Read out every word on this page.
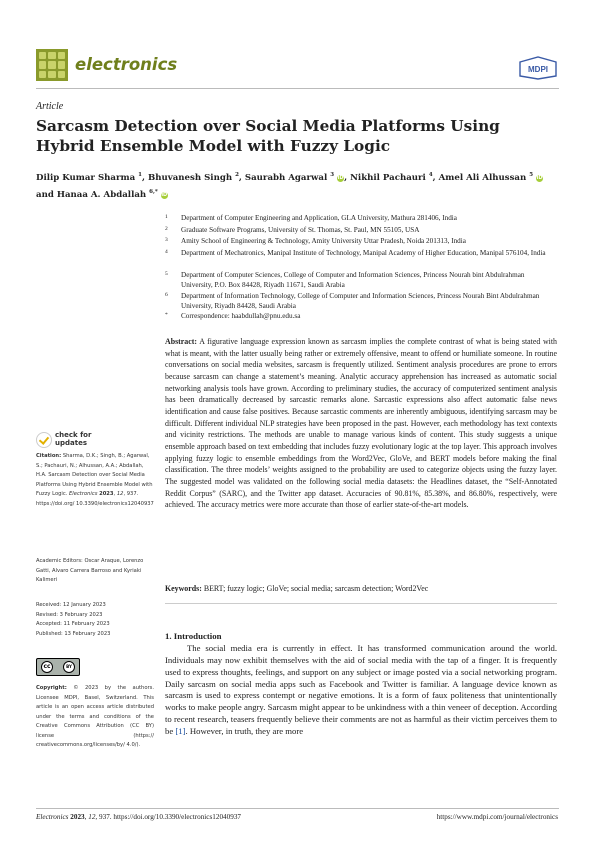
electronics	MDPI
Article
Sarcasm Detection over Social Media Platforms Using Hybrid Ensemble Model with Fuzzy Logic
Dilip Kumar Sharma $^1$, Bhuvanesh Singh $^2$, Saurabh Agarwal $^3$ iD, Nikhil Pachauri $^4$, Amel Ali Alhussan $^5$ iD
and Hanaa A. Abdallah $^{6,*}$ iD
1 Department of Computer Engineering and Application, GLA University, Mathura 281406, India
2 Graduate Software Programs, University of St. Thomas, St. Paul, MN 55105, USA
3 Amity School of Engineering & Technology, Amity University Uttar Pradesh, Noida 201313, India
4 Department of Mechatronics, Manipal Institute of Technology, Manipal Academy of Higher Education, Manipal 576104, India
5 Department of Computer Sciences, College of Computer and Information Sciences, Princess Nourah bint Abdulrahman University, P.O. Box 84428, Riyadh 11671, Saudi Arabia
6 Department of Information Technology, College of Computer and Information Sciences, Princess Nourah Bint Abdulrahman University, Riyadh 84428, Saudi Arabia
* Correspondence: haabdullah@pnu.edu.sa
Abstract: A figurative language expression known as sarcasm implies the complete contrast of what is being stated with what is meant, with the latter usually being rather or extremely offensive, meant to offend or humiliate someone. In routine conversations on social media websites, sarcasm is frequently utilized. Sentiment analysis procedures are prone to errors because sarcasm can change a statement’s meaning. Analytic accuracy apprehension has increased as automatic social networking analysis tools have grown. According to preliminary studies, the accuracy of computerized sentiment analysis has been dramatically decreased by sarcastic remarks alone. Sarcastic expressions also affect automatic false news identification and cause false positives. Because sarcastic comments are inherently ambiguous, identifying sarcasm may be difficult. Different individual NLP strategies have been proposed in the past. However, each methodology has text contexts and vicinity restrictions. The methods are unable to manage various kinds of content. This study suggests a unique ensemble approach based on text embedding that includes fuzzy evolutionary logic at the top layer. This approach involves applying fuzzy logic to ensemble embeddings from the Word2Vec, GloVe, and BERT models before making the final classification. The three models’ weights assigned to the probability are used to categorize objects using the fuzzy layer. The suggested model was validated on the following social media datasets: the Headlines dataset, the “Self-Annotated Reddit Corpus” (SARC), and the Twitter app dataset. Accuracies of 90.81%, 85.38%, and 86.80%, respectively, were achieved. The accuracy metrics were more accurate than those of earlier state-of-the-art models.
Keywords: BERT; fuzzy logic; GloVe; social media; sarcasm detection; Word2Vec
1. Introduction
The social media era is currently in effect. It has transformed communication around the world. Individuals may now exhibit themselves with the aid of social media with the tap of a finger. It is frequently used to express thoughts, feelings, and support on any subject or image posted via a social networking program. Daily sarcasm on social media apps such as Facebook and Twitter is familiar. A language device known as sarcasm is used to express contempt or negative emotions. It is a form of faux politeness that unintentionally works to make people angry. Sarcasm might appear to be unkindness with a thin veneer of deception. According to recent research, teasers frequently believe their comments are not as harmful as their victim perceives them to be [1]. However, in truth, they are more
check for
updates
Citation: Sharma, D.K.; Singh, B.; Agarwal, S.; Pachauri, N.; Alhussan, A.A.; Abdallah, H.A. Sarcasm Detection over Social Media Platforms Using Hybrid Ensemble Model with Fuzzy Logic. Electronics 2023, 12, 937. https://doi.org/ 10.3390/electronics12040937
Academic Editors: Oscar Araque, Lorenzo Gatti, Alvaro Carrera Barroso and Kyriaki Kalimeri
Received: 12 January 2023
Revised: 3 February 2023
Accepted: 11 February 2023
Published: 13 February 2023
cc	BY
Copyright: © 2023 by the authors. Licensee MDPI, Basel, Switzerland. This article is an open access article distributed under the terms and conditions of the Creative Commons Attribution (CC BY) license (https:// creativecommons.org/licenses/by/ 4.0/).
Electronics 2023, 12, 937. https://doi.org/10.3390/electronics12040937	https://www.mdpi.com/journal/electronics
